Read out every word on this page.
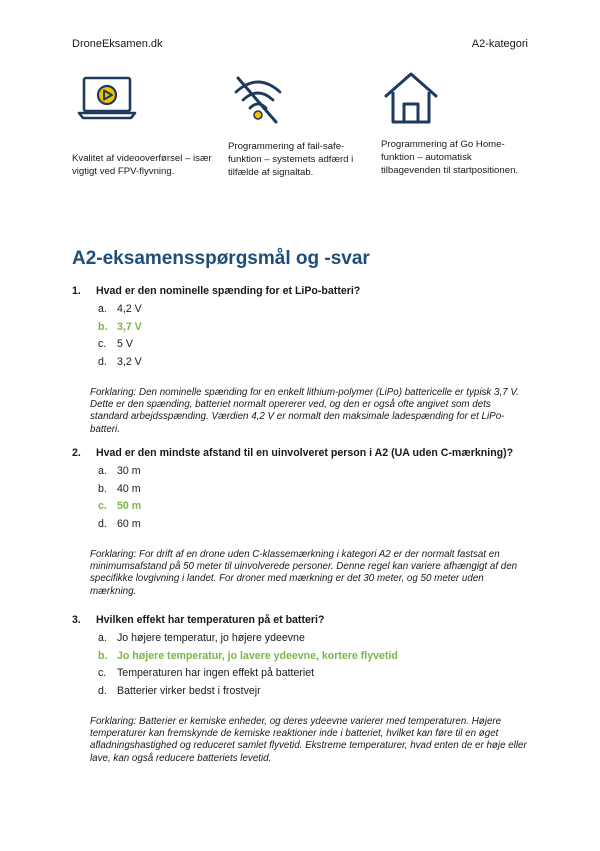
DroneEksamen.dk	A2-kategori
Kvalitet af videooverførsel – især vigtigt ved FPV-flyvning.
Programmering af fail-safe-funktion – systemets adfærd i tilfælde af signaltab.
Programmering af Go Home-funktion – automatisk tilbagevenden til startpositionen.
A2-eksamensspørgsmål og -svar
1. Hvad er den nominelle spænding for et LiPo-batteri?
a. 4,2 V
b. 3,7 V
c. 5 V
d. 3,2 V
Forklaring: Den nominelle spænding for en enkelt lithium-polymer (LiPo) battericelle er typisk 3,7 V. Dette er den spænding, batteriet normalt opererer ved, og den er også ofte angivet som dets standard arbejdsspænding. Værdien 4,2 V er normalt den maksimale ladespænding for et LiPo-batteri.
2. Hvad er den mindste afstand til en uinvolveret person i A2 (UA uden C-mærkning)?
a. 30 m
b. 40 m
c. 50 m
d. 60 m
Forklaring: For drift af en drone uden C-klassemærkning i kategori A2 er der normalt fastsat en minimumsafstand på 50 meter til uinvolverede personer. Denne regel kan variere afhængigt af den specifikke lovgivning i landet. For droner med mærkning er det 30 meter, og 50 meter uden mærkning.
3. Hvilken effekt har temperaturen på et batteri?
a. Jo højere temperatur, jo højere ydeevne
b. Jo højere temperatur, jo lavere ydeevne, kortere flyvetid
c. Temperaturen har ingen effekt på batteriet
d. Batterier virker bedst i frostvejr
Forklaring: Batterier er kemiske enheder, og deres ydeevne varierer med temperaturen. Højere temperaturer kan fremskynde de kemiske reaktioner inde i batteriet, hvilket kan føre til en øget afladningshastighed og reduceret samlet flyvetid. Ekstreme temperaturer, hvad enten de er høje eller lave, kan også reducere batteriets levetid.
